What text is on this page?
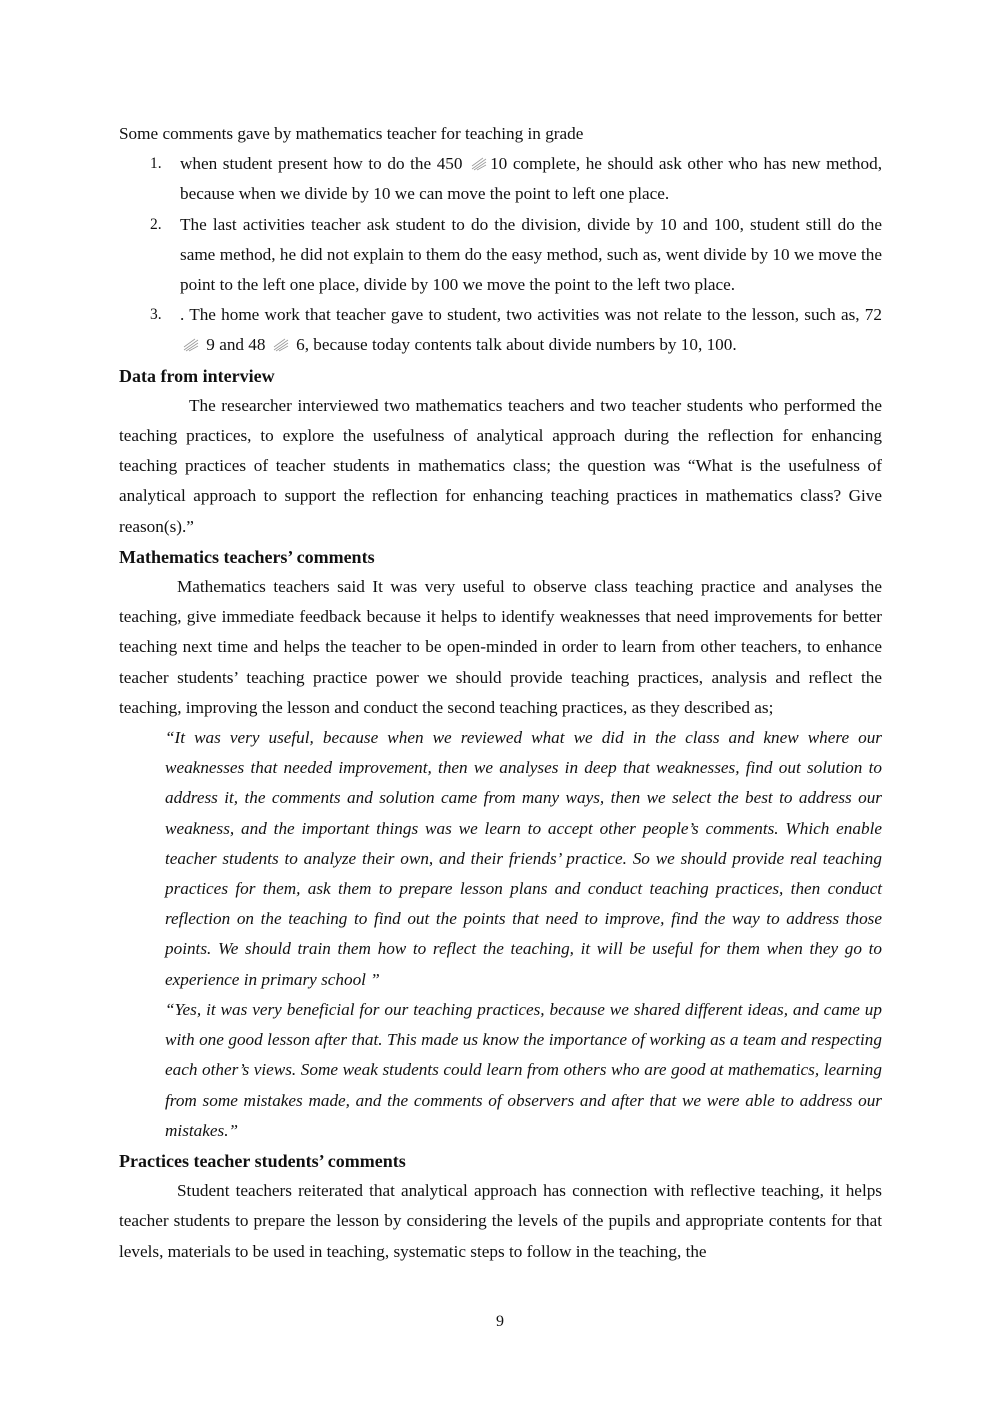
Some comments gave by mathematics teacher for teaching in grade

1. when student present how to do the 450 10 complete, he should ask other who has new method, because when we divide by 10 we can move the point to left one place.
2. The last activities teacher ask student to do the division, divide by 10 and 100, student still do the same method, he did not explain to them do the easy method, such as, went divide by 10 we move the point to the left one place, divide by 100 we move the point to the left two place.
3. . The home work that teacher gave to student, two activities was not relate to the lesson, such as, 72  9 and 48  6, because today contents talk about divide numbers by 10, 100.

Data from interview

The researcher interviewed two mathematics teachers and two teacher students who performed the teaching practices, to explore the usefulness of analytical approach during the reflection for enhancing teaching practices of teacher students in mathematics class; the question was “What is the usefulness of analytical approach to support the reflection for enhancing teaching practices in mathematics class? Give reason(s).”

Mathematics teachers’ comments

Mathematics teachers said It was very useful to observe class teaching practice and analyses the teaching, give immediate feedback because it helps to identify weaknesses that need improvements for better teaching next time and helps the teacher to be open-minded in order to learn from other teachers, to enhance teacher students’ teaching practice power we should provide teaching practices, analysis and reflect the teaching, improving the lesson and conduct the second teaching practices, as they described as;

“It was very useful, because when we reviewed what we did in the class and knew where our weaknesses that needed improvement, then we analyses in deep that weaknesses, find out solution to address it, the comments and solution came from many ways, then we select the best to address our weakness, and the important things was we learn to accept other people’s comments. Which enable teacher students to analyze their own, and their friends’ practice. So we should provide real teaching practices for them, ask them to prepare lesson plans and conduct teaching practices, then conduct reflection on the teaching to find out the points that need to improve, find the way to address those points. We should train them how to reflect the teaching, it will be useful for them when they go to experience in primary school ”

“Yes, it was very beneficial for our teaching practices, because we shared different ideas, and came up with one good lesson after that. This made us know the importance of working as a team and respecting each other’s views. Some weak students could learn from others who are good at mathematics, learning from some mistakes made, and the comments of observers and after that we were able to address our mistakes.”

Practices teacher students’ comments

Student teachers reiterated that analytical approach has connection with reflective teaching, it helps teacher students to prepare the lesson by considering the levels of the pupils and appropriate contents for that levels, materials to be used in teaching, systematic steps to follow in the teaching, the

9
